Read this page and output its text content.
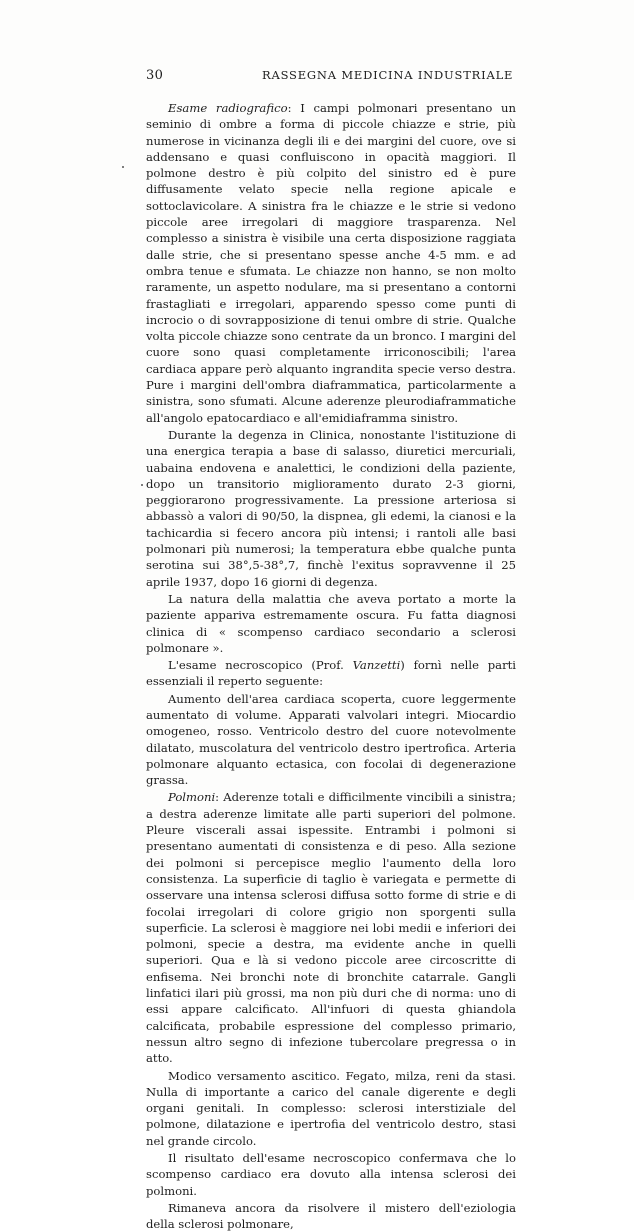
30	RASSEGNA MEDICINA INDUSTRIALE

Esame radiografico: I campi polmonari presentano un seminio di ombre a forma di piccole chiazze e strie, più numerose in vicinanza degli ili e dei margini del cuore, ove si addensano e quasi confluiscono in opacità maggiori. Il polmone destro è più colpito del sinistro ed è pure diffusamente velato specie nella regione apicale e sottoclavicolare. A sinistra fra le chiazze e le strie si vedono piccole aree irregolari di maggiore trasparenza. Nel complesso a sinistra è visibile una certa disposizione raggiata dalle strie, che si presentano spesse anche 4-5 mm. e ad ombra tenue e sfumata. Le chiazze non hanno, se non molto raramente, un aspetto nodulare, ma si presentano a contorni frastagliati e irregolari, apparendo spesso come punti di incrocio o di sovrapposizione di tenui ombre di strie. Qualche volta piccole chiazze sono centrate da un bronco. I margini del cuore sono quasi completamente irriconoscibili; l'area cardiaca appare però alquanto ingrandita specie verso destra. Pure i margini dell'ombra diaframmatica, particolarmente a sinistra, sono sfumati. Alcune aderenze pleurodiaframmatiche all'angolo epatocardiaco e all'emidiaframma sinistro.

Durante la degenza in Clinica, nonostante l'istituzione di una energica terapia a base di salasso, diuretici mercuriali, uabaina endovena e analettici, le condizioni della paziente, dopo un transitorio miglioramento durato 2-3 giorni, peggiorarono progressivamente. La pressione arteriosa si abbassò a valori di 90/50, la dispnea, gli edemi, la cianosi e la tachicardia si fecero ancora più intensi; i rantoli alle basi polmonari più numerosi; la temperatura ebbe qualche punta serotina sui 38°,5-38°,7, finchè l'exitus sopravvenne il 25 aprile 1937, dopo 16 giorni di degenza.

La natura della malattia che aveva portato a morte la paziente appariva estremamente oscura. Fu fatta diagnosi clinica di « scompenso cardiaco secondario a sclerosi polmonare ».

L'esame necroscopico (Prof. Vanzetti) fornì nelle parti essenziali il reperto seguente:

Aumento dell'area cardiaca scoperta, cuore leggermente aumentato di volume. Apparati valvolari integri. Miocardio omogeneo, rosso. Ventricolo destro del cuore notevolmente dilatato, muscolatura del ventricolo destro ipertrofica. Arteria polmonare alquanto ectasica, con focolai di degenerazione grassa.

Polmoni: Aderenze totali e difficilmente vincibili a sinistra; a destra aderenze limitate alle parti superiori del polmone. Pleure viscerali assai ispessite. Entrambi i polmoni si presentano aumentati di consistenza e di peso. Alla sezione dei polmoni si percepisce meglio l'aumento della loro consistenza. La superficie di taglio è variegata e permette di osservare una intensa sclerosi diffusa sotto forme di strie e di focolai irregolari di colore grigio non sporgenti sulla superficie. La sclerosi è maggiore nei lobi medii e inferiori dei polmoni, specie a destra, ma evidente anche in quelli superiori. Qua e là si vedono piccole aree circoscritte di enfisema. Nei bronchi note di bronchite catarrale. Gangli linfatici ilari più grossi, ma non più duri che di norma: uno di essi appare calcificato. All'infuori di questa ghiandola calcificata, probabile espressione del complesso primario, nessun altro segno di infezione tubercolare pregressa o in atto.

Modico versamento ascitico. Fegato, milza, reni da stasi. Nulla di importante a carico del canale digerente e degli organi genitali. In complesso: sclerosi interstiziale del polmone, dilatazione e ipertrofia del ventricolo destro, stasi nel grande circolo.

Il risultato dell'esame necroscopico confermava che lo scompenso cardiaco era dovuto alla intensa sclerosi dei polmoni.

Rimaneva ancora da risolvere il mistero dell'eziologia della sclerosi polmonare,
